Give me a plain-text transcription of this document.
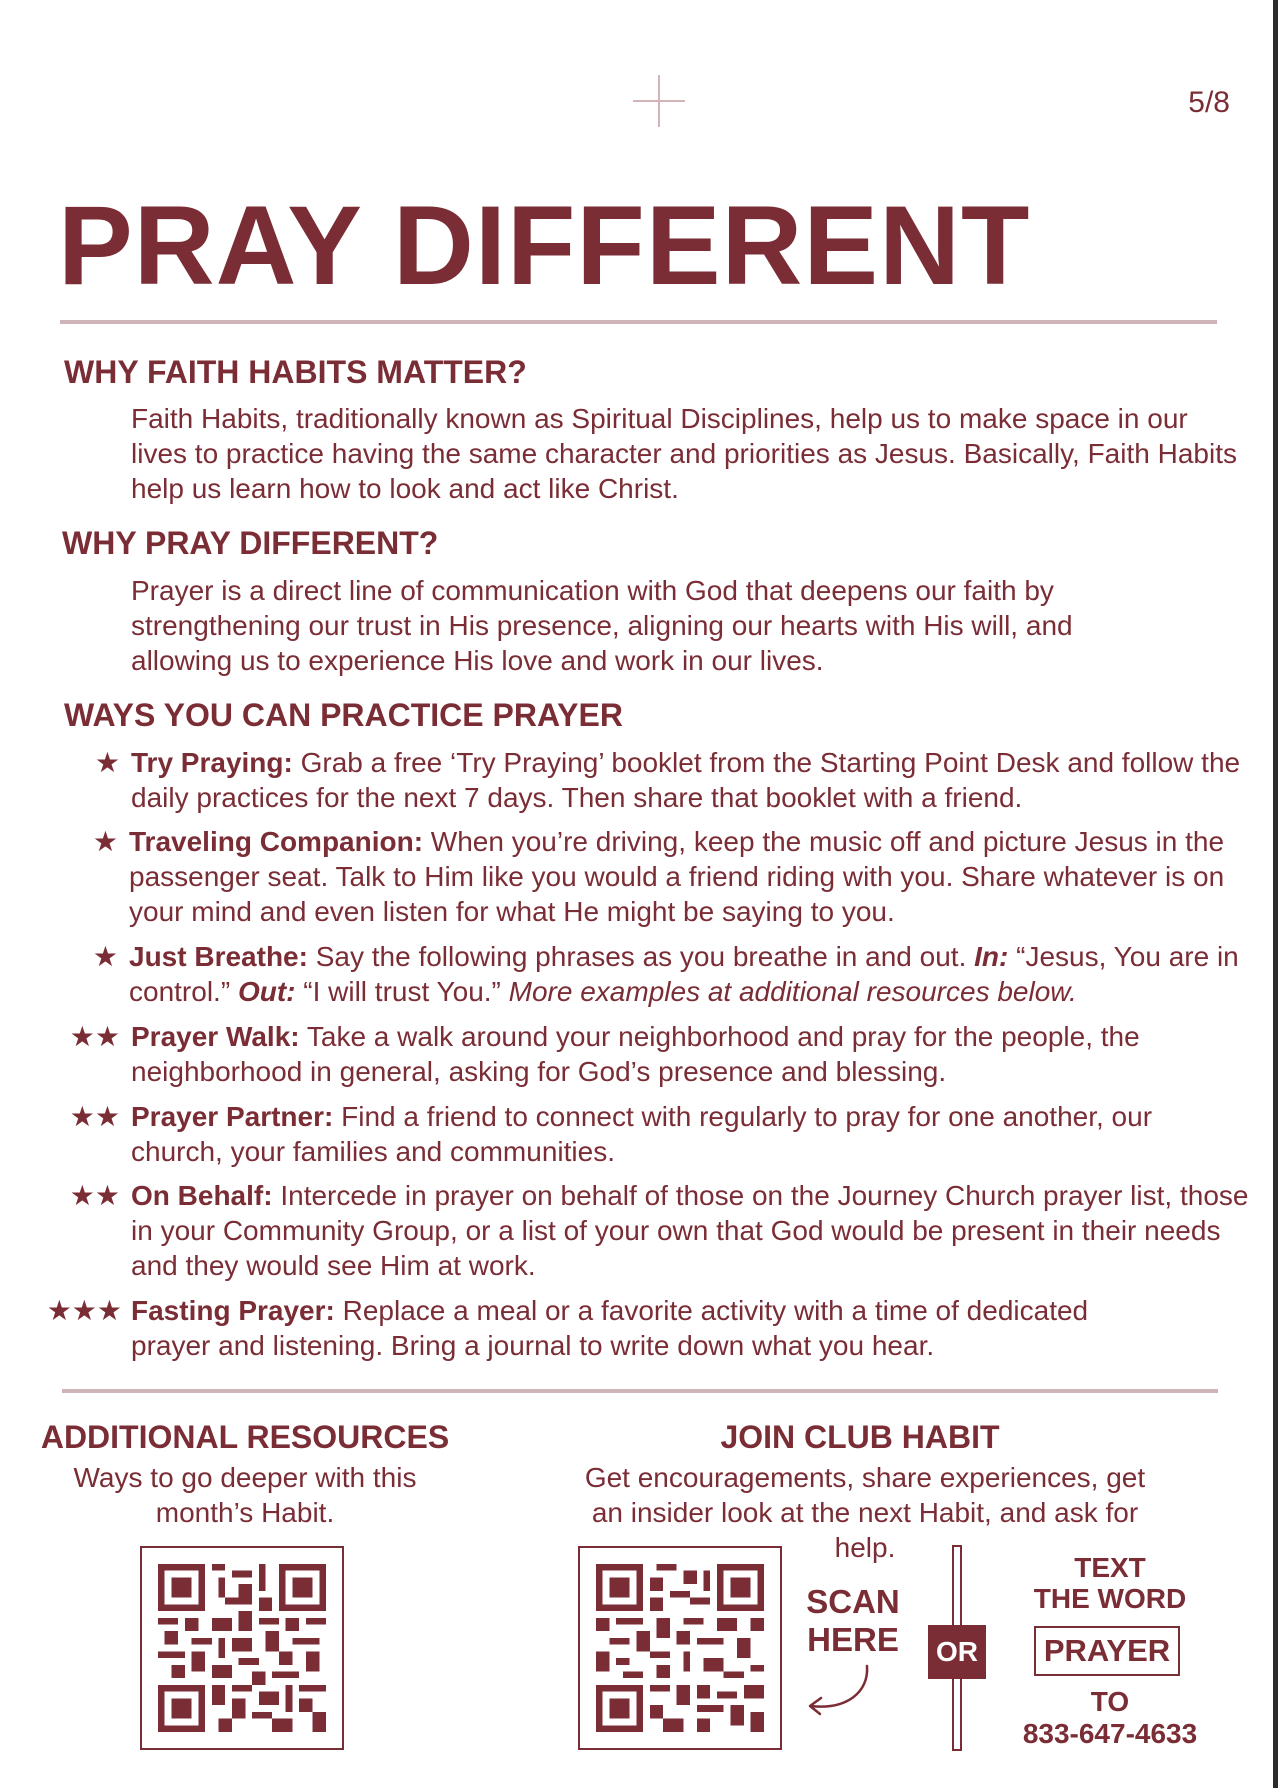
5/8
PRAY DIFFERENT
WHY FAITH HABITS MATTER?

Faith Habits, traditionally known as Spiritual Disciplines, help us to make space in our lives to practice having the same character and priorities as Jesus. Basically, Faith Habits help us learn how to look and act like Christ.

WHY PRAY DIFFERENT?

Prayer is a direct line of communication with God that deepens our faith by strengthening our trust in His presence, aligning our hearts with His will, and allowing us to experience His love and work in our lives.

WAYS YOU CAN PRACTICE PRAYER
★ Try Praying: Grab a free ‘Try Praying’ booklet from the Starting Point Desk and follow the daily practices for the next 7 days. Then share that booklet with a friend.
★ Traveling Companion: When you’re driving, keep the music off and picture Jesus in the passenger seat. Talk to Him like you would a friend riding with you. Share whatever is on your mind and even listen for what He might be saying to you.
★ Just Breathe: Say the following phrases as you breathe in and out. In: “Jesus, You are in control.” Out: “I will trust You.” More examples at additional resources below.
★★ Prayer Walk: Take a walk around your neighborhood and pray for the people, the neighborhood in general, asking for God’s presence and blessing.
★★ Prayer Partner: Find a friend to connect with regularly to pray for one another, our church, your families and communities.
★★ On Behalf: Intercede in prayer on behalf of those on the Journey Church prayer list, those in your Community Group, or a list of your own that God would be present in their needs and they would see Him at work.
★★★ Fasting Prayer: Replace a meal or a favorite activity with a time of dedicated prayer and listening. Bring a journal to write down what you hear.
ADDITIONAL RESOURCES
Ways to go deeper with this month’s Habit.
JOIN CLUB HABIT
Get encouragements, share experiences, get an insider look at the next Habit, and ask for help.
SCAN
HERE	OR
TEXT
THE WORD
PRAYER
TO
833-647-4633
